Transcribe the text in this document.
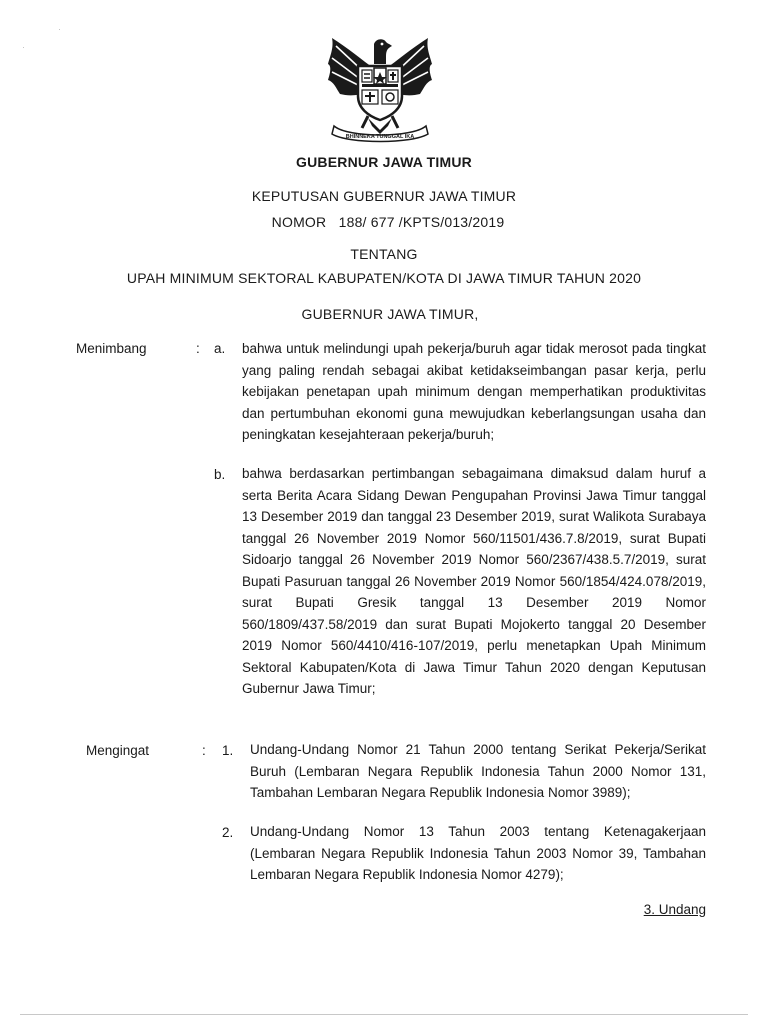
·
·
BHINNEKA TUNGGAL IKA
GUBERNUR JAWA TIMUR
KEPUTUSAN GUBERNUR JAWA TIMUR
NOMOR   188/ 677 /KPTS/013/2019
TENTANG
UPAH MINIMUM SEKTORAL KABUPATEN/KOTA DI JAWA TIMUR TAHUN 2020
GUBERNUR JAWA TIMUR,
Menimbang	: a. bahwa untuk melindungi upah pekerja/buruh agar tidak merosot pada tingkat yang paling rendah sebagai akibat ketidakseimbangan pasar kerja, perlu kebijakan penetapan upah minimum dengan memperhatikan produktivitas dan pertumbuhan ekonomi guna mewujudkan keberlangsungan usaha dan peningkatan kesejahteraan pekerja/buruh;
b. bahwa berdasarkan pertimbangan sebagaimana dimaksud dalam huruf a serta Berita Acara Sidang Dewan Pengupahan Provinsi Jawa Timur tanggal 13 Desember 2019 dan tanggal 23 Desember 2019, surat Walikota Surabaya tanggal 26 November 2019 Nomor 560/11501/436.7.8/2019, surat Bupati Sidoarjo tanggal 26 November 2019 Nomor 560/2367/438.5.7/2019, surat Bupati Pasuruan tanggal 26 November 2019 Nomor 560/1854/424.078/2019, surat Bupati Gresik tanggal 13 Desember 2019 Nomor 560/1809/437.58/2019 dan surat Bupati Mojokerto tanggal 20 Desember 2019 Nomor 560/4410/416-107/2019, perlu menetapkan Upah Minimum Sektoral Kabupaten/Kota di Jawa Timur Tahun 2020 dengan Keputusan Gubernur Jawa Timur;
Mengingat	: 1. Undang-Undang Nomor 21 Tahun 2000 tentang Serikat Pekerja/Serikat Buruh (Lembaran Negara Republik Indonesia Tahun 2000 Nomor 131, Tambahan Lembaran Negara Republik Indonesia Nomor 3989);
2. Undang-Undang Nomor 13 Tahun 2003 tentang Ketenagakerjaan (Lembaran Negara Republik Indonesia Tahun 2003 Nomor 39, Tambahan Lembaran Negara Republik Indonesia Nomor 4279);
3. Undang
